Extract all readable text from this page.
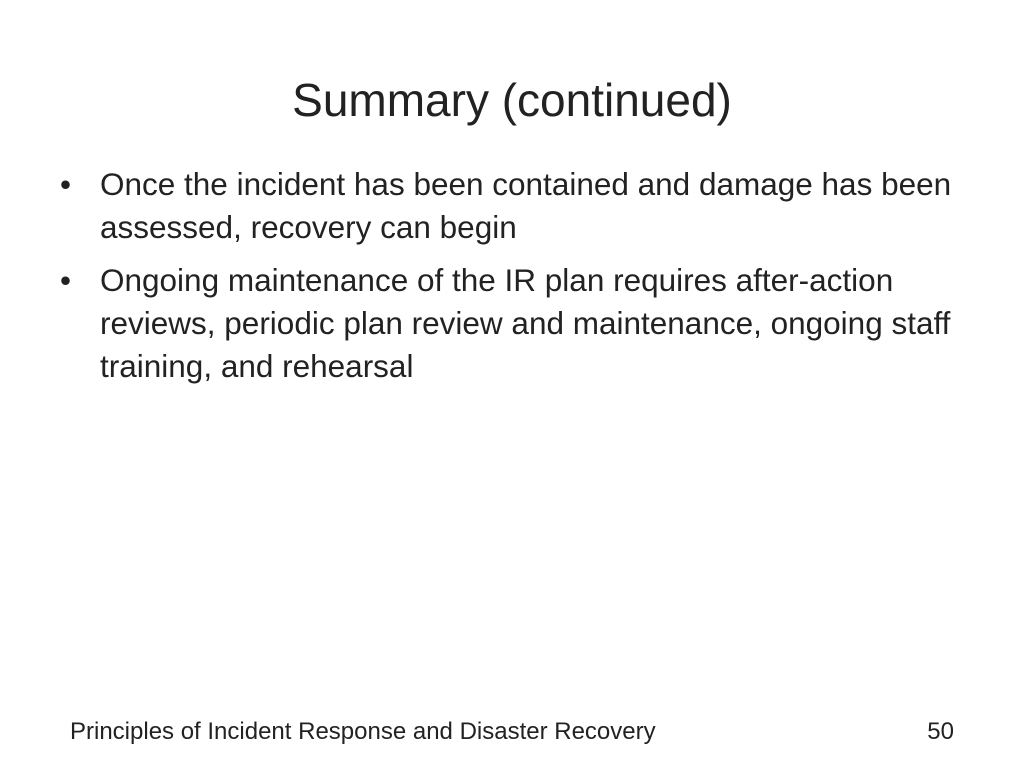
Summary (continued)
• Once the incident has been contained and damage has been assessed, recovery can begin
• Ongoing maintenance of the IR plan requires after-action reviews, periodic plan review and maintenance, ongoing staff training, and rehearsal
Principles of Incident Response and Disaster Recovery	50
